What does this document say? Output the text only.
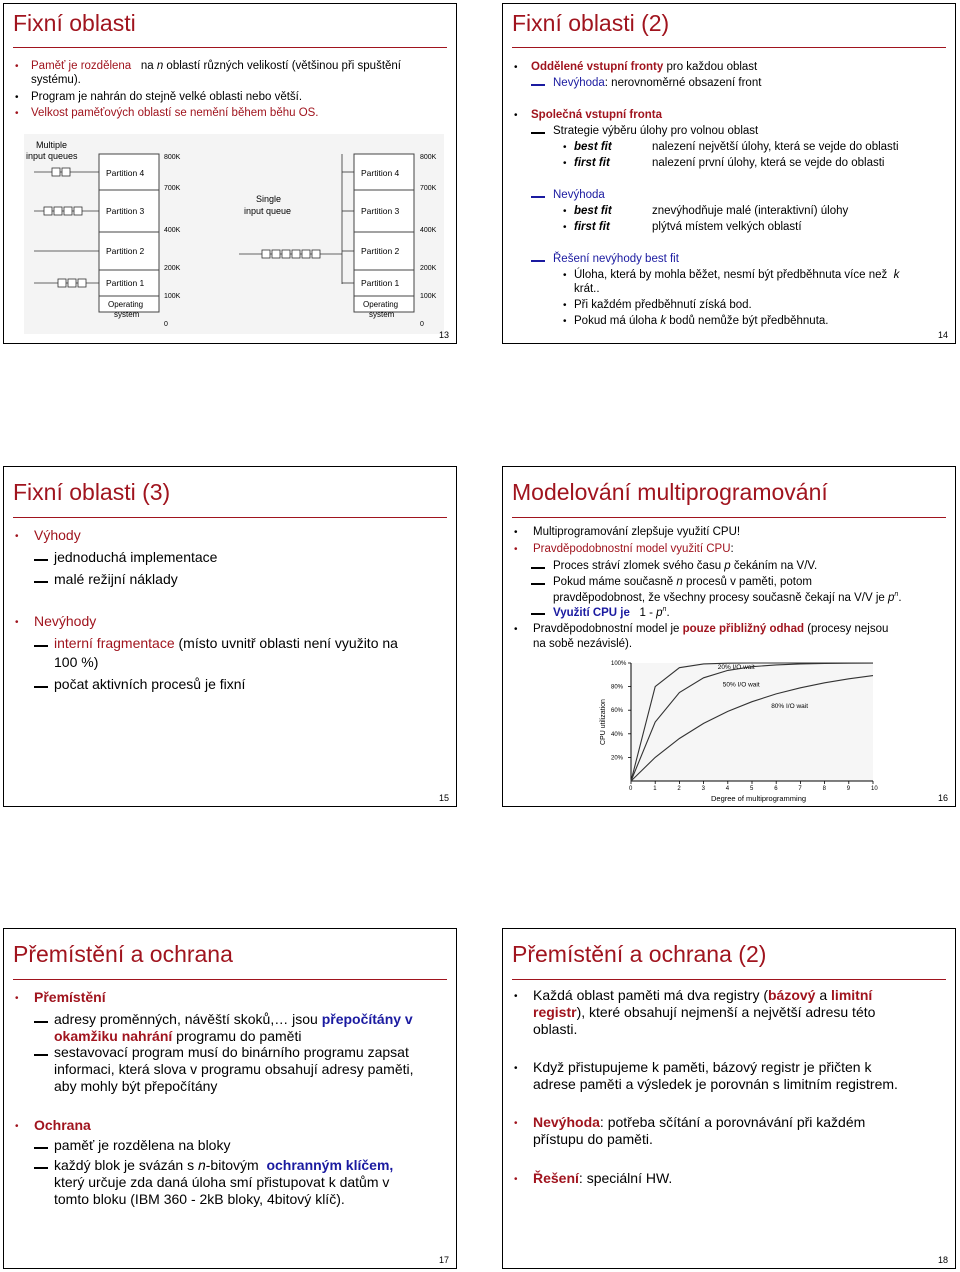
Fixní oblasti
• Paměť je rozdělena na n oblastí různých velikostí (většinou při spuštění
systému).
• Program je nahrán do stejně velké oblasti nebo větší.
• Velkost paměťových oblastí se nemění během běhu OS.
Multiple
input queues
Partition 4
Partition 3
Partition 2
Partition 1
Operating
system
800K
700K
400K
200K
100K
0
Partition 4
Partition 3
Partition 2
Partition 1
Operating
system
800K
700K
400K
200K
100K
0
Single
input queue
13
Fixní oblasti (2)
• Oddělené vstupní fronty pro každou oblast
Nevýhoda: nerovnoměrné obsazení front
• Společná vstupní fronta
Strategie výběru úlohy pro volnou oblast
• best fit	nalezení největší úlohy, která se vejde do oblasti
• first fit	nalezení první úlohy, která se vejde do oblasti
Nevýhoda
• best fit	znevýhodňuje malé (interaktivní) úlohy
• first fit	plýtvá místem velkých oblastí
Řešení nevýhody best fit
• Úloha, která by mohla běžet, nesmí být předběhnuta více než k
krát..
• Při každém předběhnutí získá bod.
• Pokud má úloha k bodů nemůže být předběhnuta.
14
Fixní oblasti (3)
• Výhody
jednoduchá implementace
malé režijní náklady
• Nevýhody
interní fragmentace (místo uvnitř oblasti není využito na
100 %)
počat aktivních procesů je fixní
15
Modelování multiprogramování
• Multiprogramování zlepšuje využití CPU!
• Pravděpodobnostní model využití CPU:
Proces stráví zlomek svého času p čekáním na V/V.
Pokud máme současně n procesů v paměti, potom
pravděpodobnost, že všechny procesy současně čekají na V/V je $p^n$.
Využití CPU je $1 - p^n$.
• Pravděpodobnostní model je pouze přibližný odhad (procesy nejsou
na sobě nezávislé).
CPU utilization
Degree of multiprogramming
20%
40%
60%
80%
100%
0	1	2	3	4	5	6	7	8	9	10
20% I/O wait
50% I/O wait
80% I/O wait
16
Přemístění a ochrana
• Přemístění
adresy proměnných, návěští skoků,… jsou přepočítány v
okamžiku nahrání programu do paměti
sestavovací program musí do binárního programu zapsat
informaci, která slova v programu obsahují adresy paměti,
aby mohly být přepočítány
• Ochrana
paměť je rozdělena na bloky
každý blok je svázán s n-bitovým ochranným klíčem,
který určuje zda daná úloha smí přistupovat k datům v
tomto bloku (IBM 360 - 2kB bloky, 4bitový klíč).
17
Přemístění a ochrana (2)
• Každá oblast paměti má dva registry (bázový a limitní
registr), které obsahují nejmenší a největší adresu této
oblasti.
• Když přistupujeme k paměti, bázový registr je přičten k
adrese paměti a výsledek je porovnán s limitním registrem.
• Nevýhoda: potřeba sčítání a porovnávání při každém
přístupu do paměti.
• Řešení: speciální HW.
18
